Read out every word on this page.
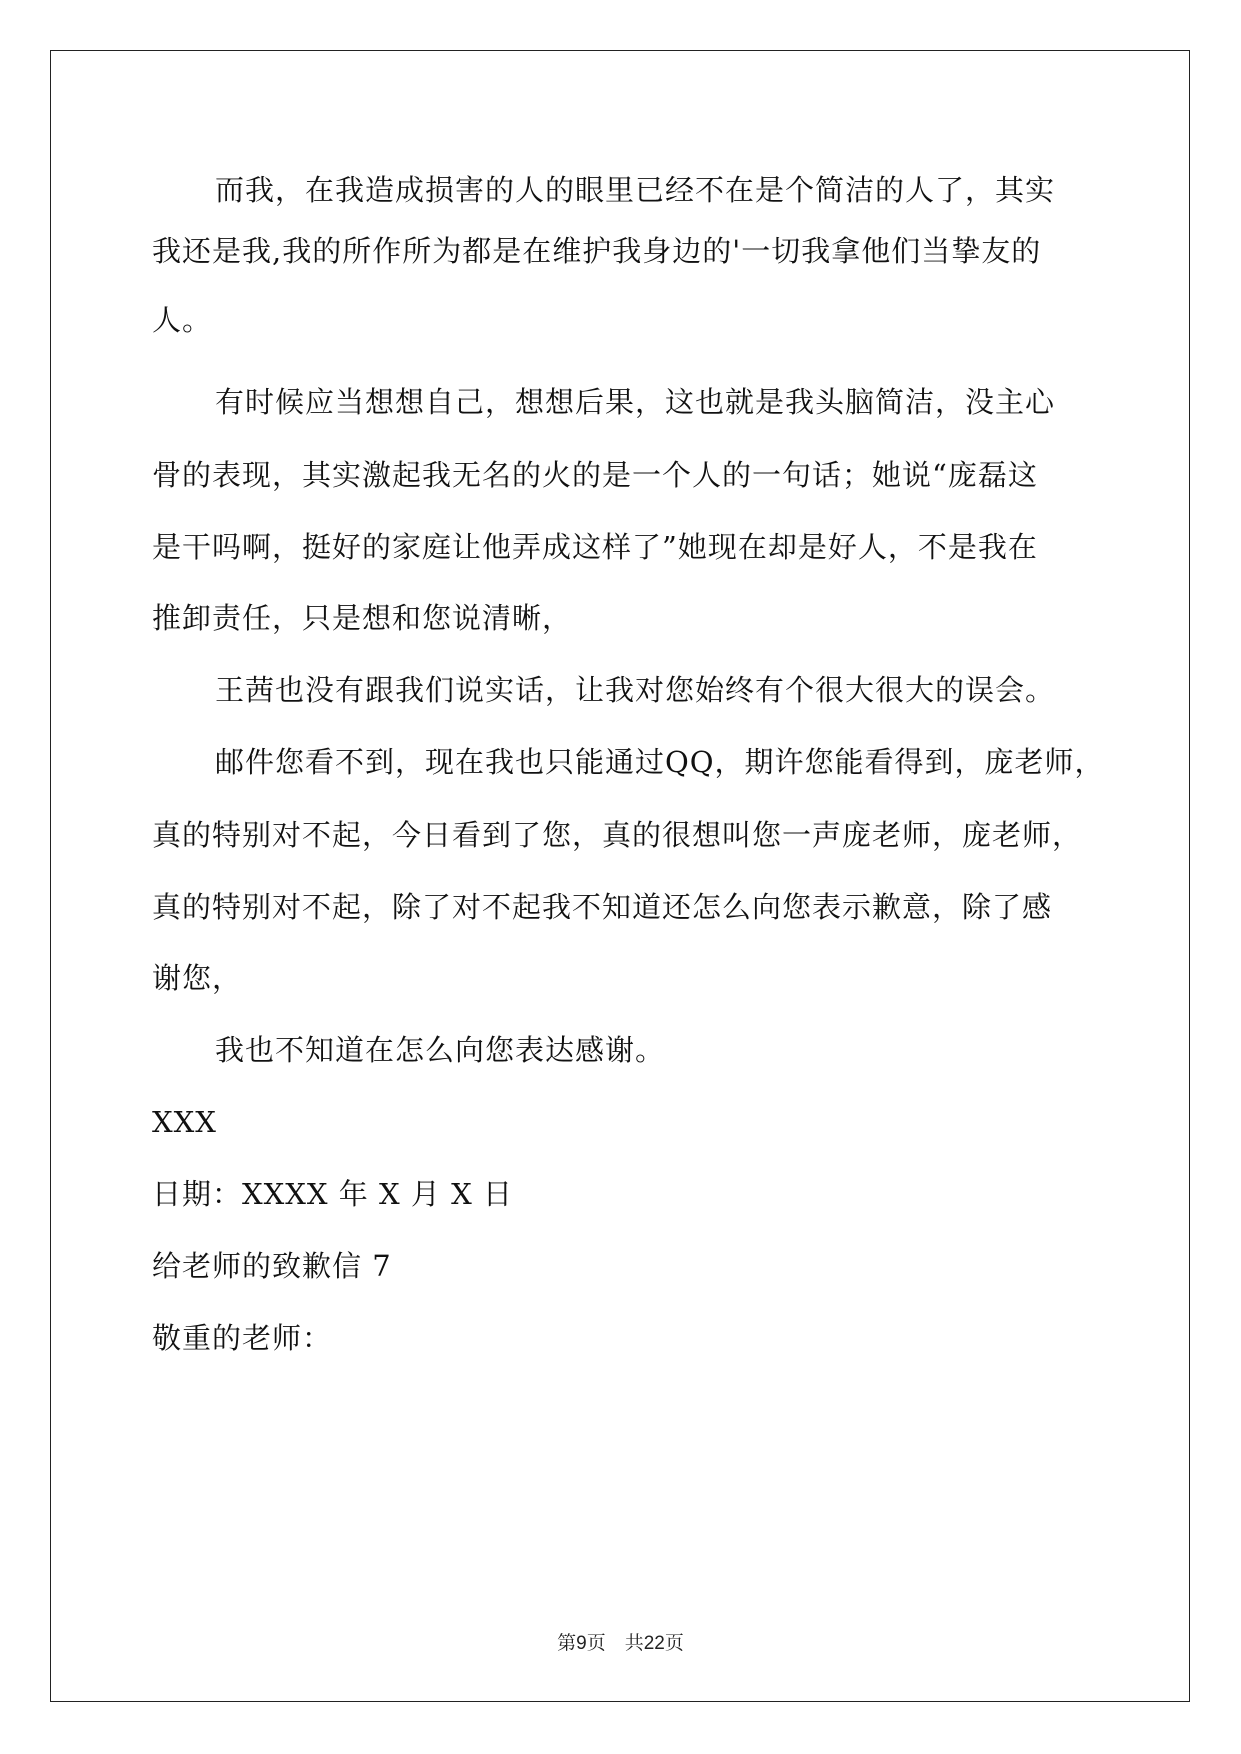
而我，在我造成损害的人的眼里已经不在是个简洁的人了，其实
我还是我,我的所作所为都是在维护我身边的'一切我拿他们当挚友的
人。
有时候应当想想自己，想想后果，这也就是我头脑简洁，没主心
骨的表现，其实激起我无名的火的是一个人的一句话；她说“庞磊这
是干吗啊，挺好的家庭让他弄成这样了”她现在却是好人，不是我在
推卸责任，只是想和您说清晰，
王茜也没有跟我们说实话，让我对您始终有个很大很大的误会。
邮件您看不到，现在我也只能通过QQ，期许您能看得到，庞老师，
真的特别对不起，今日看到了您，真的很想叫您一声庞老师，庞老师，
真的特别对不起，除了对不起我不知道还怎么向您表示歉意，除了感
谢您，
我也不知道在怎么向您表达感谢。
XXX
日期：XXXX 年 X 月 X 日
给老师的致歉信 7
敬重的老师：
第9页　共22页
